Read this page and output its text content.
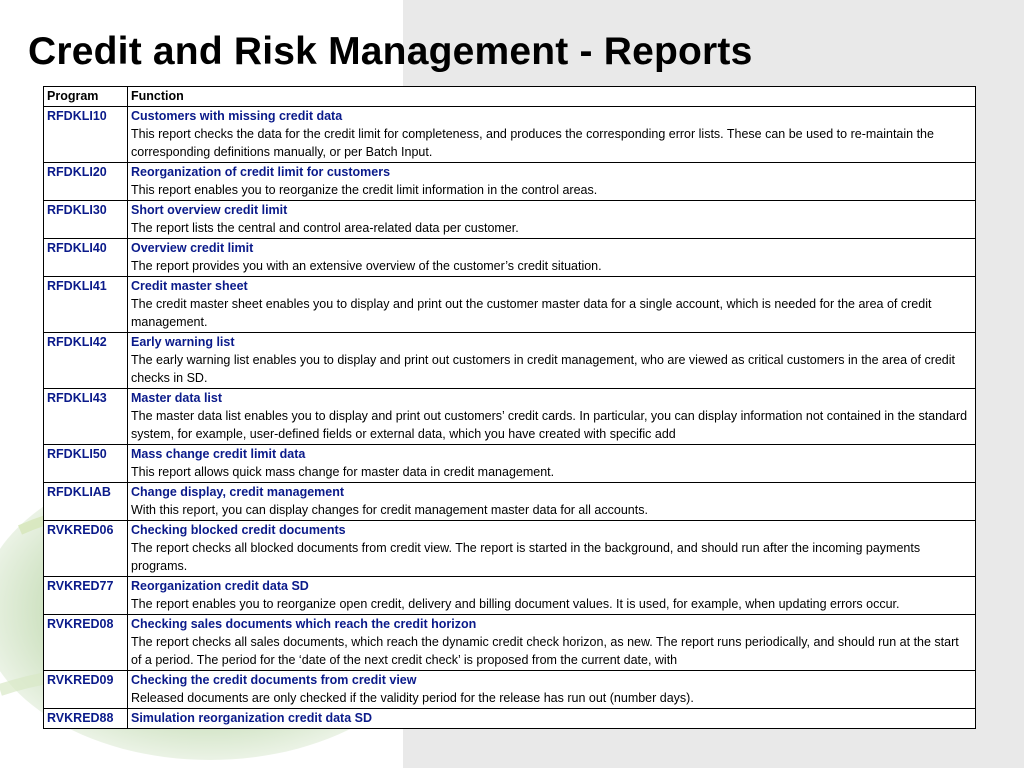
Credit and Risk Management - Reports
Program	Function
RFDKLI10	Customers with missing credit data
This report checks the data for the credit limit for completeness, and produces the corresponding error lists. These can be used to re-maintain the corresponding definitions manually, or per Batch Input.

RFDKLI20	Reorganization of credit limit for customers
This report enables you to reorganize the credit limit information in the control areas.

RFDKLI30	Short overview credit limit
The report lists the central and control area-related data per customer.

RFDKLI40	Overview credit limit
The report provides you with an extensive overview of the customer’s credit situation.

RFDKLI41	Credit master sheet
The credit master sheet enables you to display and print out the customer master data for a single account, which is needed for the area of credit management.

RFDKLI42	Early warning list
The early warning list enables you to display and print out customers in credit management, who are viewed as critical customers in the area of credit checks in SD.

RFDKLI43	Master data list
The master data list enables you to display and print out customers’ credit cards. In particular, you can display information not contained in the standard system, for example, user-defined fields or external data, which you have created with specific add

RFDKLI50	Mass change credit limit data
This report allows quick mass change for master data in credit management.

RFDKLIAB	Change display, credit management
With this report, you can display changes for credit management master data for all accounts.

RVKRED06	Checking blocked credit documents
The report checks all blocked documents from credit view. The report is started in the background, and should run after the incoming payments programs.

RVKRED77	Reorganization credit data SD
The report enables you to reorganize open credit, delivery and billing document values. It is used, for example, when updating errors occur.

RVKRED08	Checking sales documents which reach the credit horizon
The report checks all sales documents, which reach the dynamic credit check horizon, as new. The report runs periodically, and should run at the start of a period. The period for the ‘date of the next credit check’ is proposed from the current date, with

RVKRED09	Checking the credit documents from credit view
Released documents are only checked if the validity period for the release has run out (number days).

RVKRED88	Simulation reorganization credit data SD
